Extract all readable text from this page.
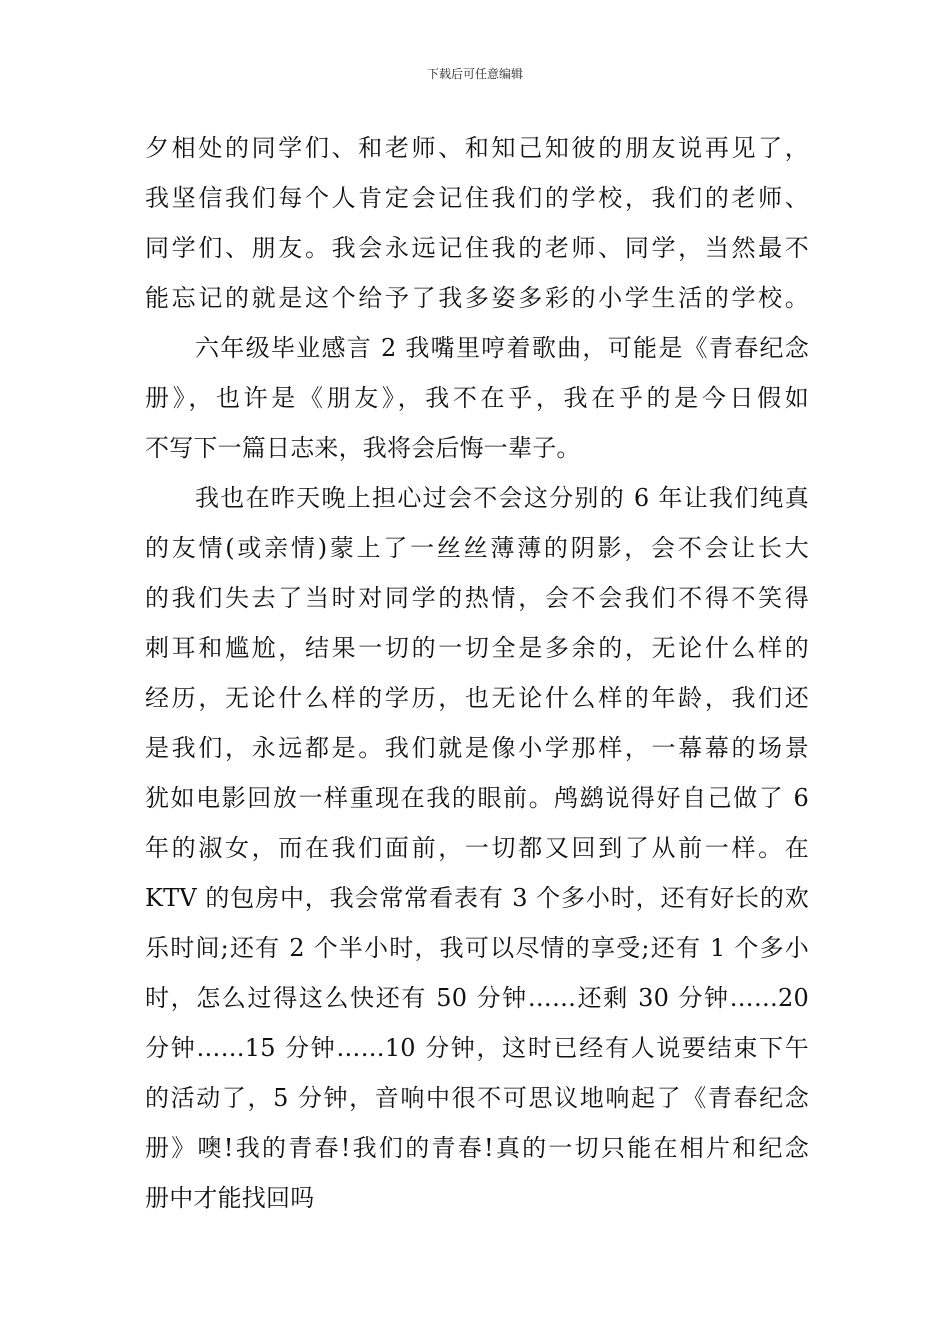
下载后可任意编辑
夕相处的同学们、和老师、和知己知彼的朋友说再见了，
我坚信我们每个人肯定会记住我们的学校，我们的老师、
同学们、朋友。我会永远记住我的老师、同学，当然最不
能忘记的就是这个给予了我多姿多彩的小学生活的学校。
六年级毕业感言 2 我嘴里哼着歌曲，可能是《青春纪念
册》，也许是《朋友》，我不在乎，我在乎的是今日假如
不写下一篇日志来，我将会后悔一辈子。
我也在昨天晚上担心过会不会这分别的 6 年让我们纯真
的友情(或亲情)蒙上了一丝丝薄薄的阴影，会不会让长大
的我们失去了当时对同学的热情，会不会我们不得不笑得
刺耳和尴尬，结果一切的一切全是多余的，无论什么样的
经历，无论什么样的学历，也无论什么样的年龄，我们还
是我们，永远都是。我们就是像小学那样，一幕幕的场景
犹如电影回放一样重现在我的眼前。鸬鹚说得好自己做了 6
年的淑女，而在我们面前，一切都又回到了从前一样。在
KTV 的包房中，我会常常看表有 3 个多小时，还有好长的欢
乐时间;还有 2 个半小时，我可以尽情的享受;还有 1 个多小
时，怎么过得这么快还有 50 分钟……还剩 30 分钟……20
分钟……15 分钟……10 分钟，这时已经有人说要结束下午
的活动了，5 分钟，音响中很不可思议地响起了《青春纪念
册》噢!我的青春!我们的青春!真的一切只能在相片和纪念
册中才能找回吗
